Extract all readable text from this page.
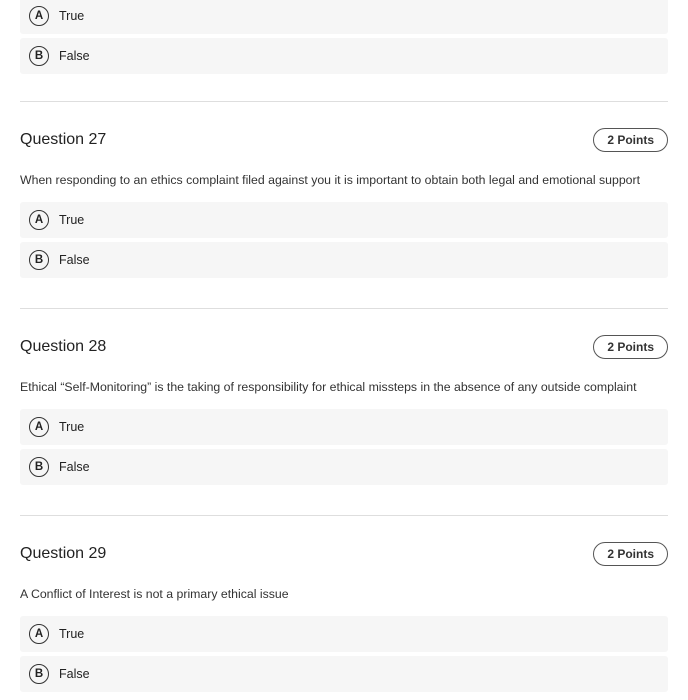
A	True
B	False
Question 27	2 Points
When responding to an ethics complaint filed against you it is important to obtain both legal and emotional support
A	True
B	False
Question 28	2 Points
Ethical “Self-Monitoring” is the taking of responsibility for ethical missteps in the absence of any outside complaint
A	True
B	False
Question 29	2 Points
A Conflict of Interest is not a primary ethical issue
A	True
B	False
